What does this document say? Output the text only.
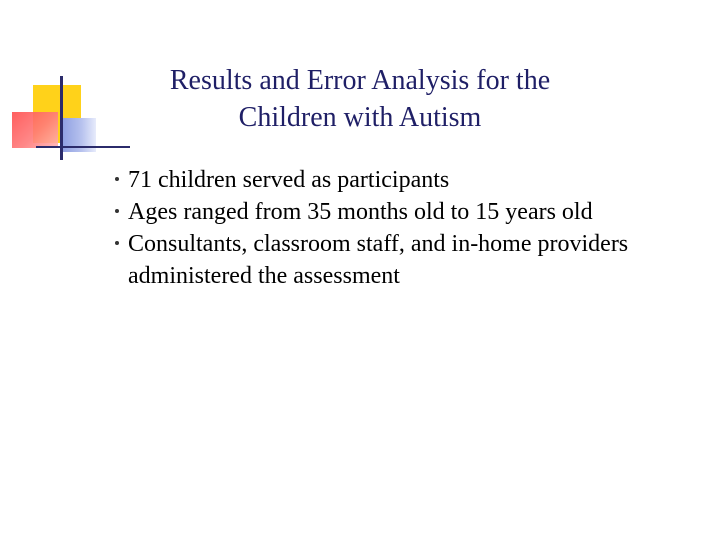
Results and Error Analysis for the
Children with Autism
71 children served as participants
Ages ranged from 35 months old to 15 years old
Consultants, classroom staff, and in-home providers administered the assessment
